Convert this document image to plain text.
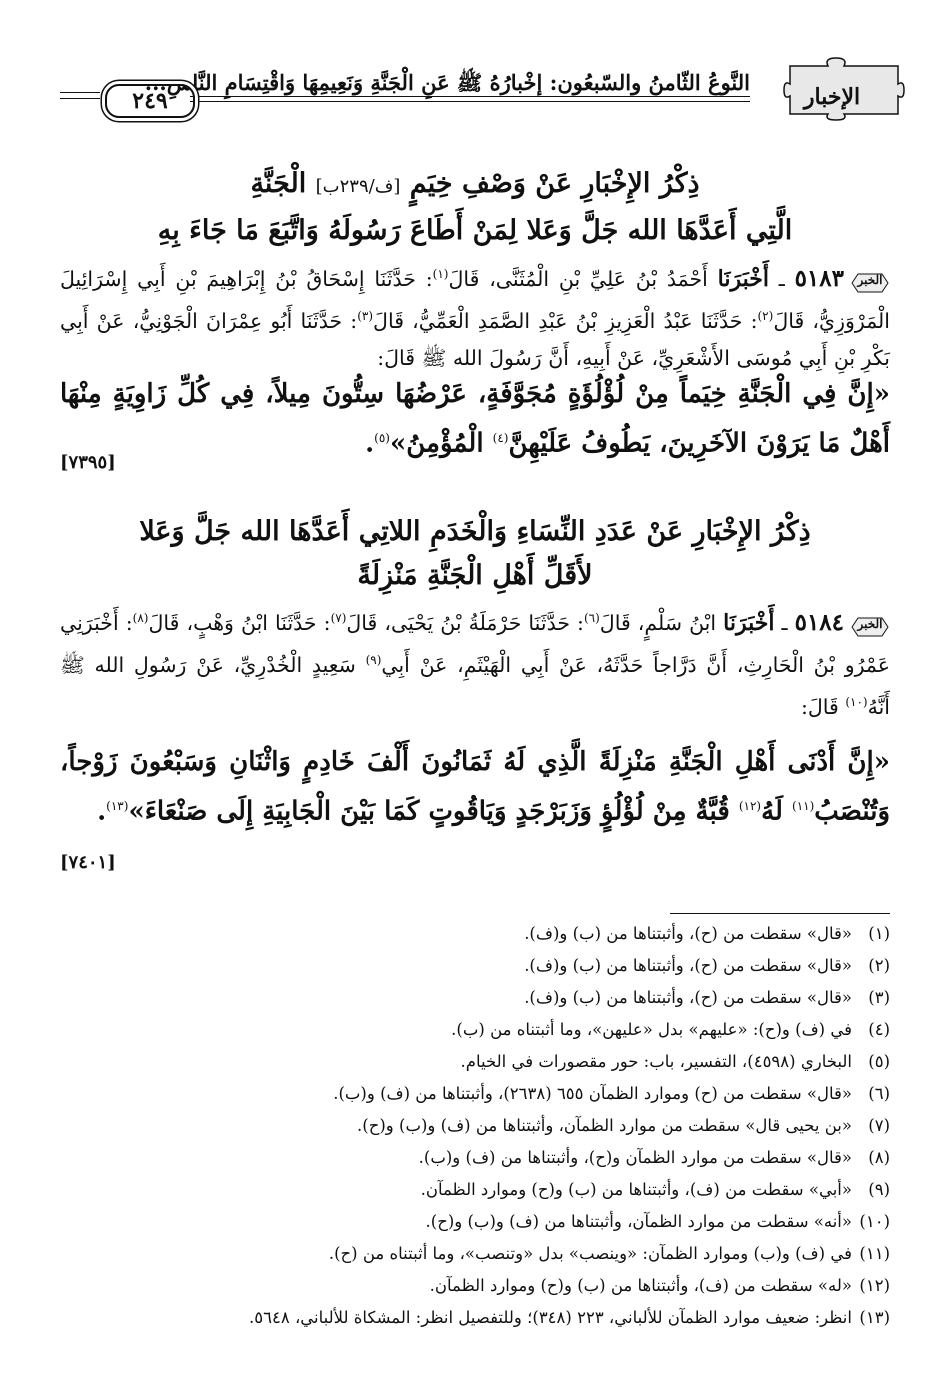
الإخبار
النَّوعُ الثّامنُ والسّبعُون: إخْبارُهُ ﷺ عَنِ الْجَنَّةِ وَنَعِيمِهَا وَاقْتِسَامِ النَّاسِ...
٢٤٩
ذِكْرُ الإِخْبَارِ عَنْ وَصْفِ خِيَمٍ [ف/٢٣٩ب] الْجَنَّةِ
الَّتِي أَعَدَّهَا الله جَلَّ وَعَلا لِمَنْ أَطَاعَ رَسُولَهُ وَاتَّبَعَ مَا جَاءَ بِهِ
الخبر
٥١٨٣ ـ أَخْبَرَنَا أَحْمَدُ بْنُ عَلِيِّ بْنِ الْمُثَنَّى، قَالَ$^{(١)}$: حَدَّثَنَا إِسْحَاقُ بْنُ إِبْرَاهِيمَ بْنِ أَبِي إِسْرَائِيلَ الْمَرْوَزِيُّ، قَالَ$^{(٢)}$: حَدَّثَنَا عَبْدُ الْعَزِيزِ بْنُ عَبْدِ الصَّمَدِ الْعَمِّيُّ، قَالَ$^{(٣)}$: حَدَّثَنَا أَبُو عِمْرَانَ الْجَوْنِيُّ، عَنْ أَبِي بَكْرِ بْنِ أَبِي مُوسَى الأَشْعَرِيِّ، عَنْ أَبِيهِ، أَنَّ رَسُولَ الله ﷺ قَالَ:
«إِنَّ فِي الْجَنَّةِ خِيَماً مِنْ لُؤْلُؤَةٍ مُجَوَّفَةٍ، عَرْضُهَا سِتُّونَ مِيلاً، فِي كُلِّ زَاوِيَةٍ مِنْهَا أَهْلٌ مَا يَرَوْنَ الآخَرِينَ، يَطُوفُ عَلَيْهِنَّ$^{(٤)}$ الْمُؤْمِنُ»$^{(٥)}$.
[٧٣٩٥]
ذِكْرُ الإِخْبَارِ عَنْ عَدَدِ النِّسَاءِ وَالْخَدَمِ اللاتِي أَعَدَّهَا الله جَلَّ وَعَلا
لأَقَلِّ أَهْلِ الْجَنَّةِ مَنْزِلَةً
الخبر
٥١٨٤ ـ أَخْبَرَنَا ابْنُ سَلْمٍ، قَالَ$^{(٦)}$: حَدَّثَنَا حَرْمَلَةُ بْنُ يَحْيَى، قَالَ$^{(٧)}$: حَدَّثَنَا ابْنُ وَهْبٍ، قَالَ$^{(٨)}$: أَخْبَرَنِي عَمْرُو بْنُ الْحَارِثِ، أَنَّ دَرَّاجاً حَدَّثَهُ، عَنْ أَبِي الْهَيْثَمِ، عَنْ أَبِي$^{(٩)}$ سَعِيدٍ الْخُدْرِيِّ، عَنْ رَسُولِ الله ﷺ أَنَّهُ$^{(١٠)}$ قَالَ:
«إِنَّ أَدْنَى أَهْلِ الْجَنَّةِ مَنْزِلَةً الَّذِي لَهُ ثَمَانُونَ أَلْفَ خَادِمٍ وَاثْنَانِ وَسَبْعُونَ زَوْجاً، وَتُنْصَبُ$^{(١١)}$ لَهُ$^{(١٢)}$ قُبَّةٌ مِنْ لُؤْلُؤٍ وَزَبَرْجَدٍ وَيَاقُوتٍ كَمَا بَيْنَ الْجَابِيَةِ إِلَى صَنْعَاءَ»$^{(١٣)}$.
[٧٤٠١]
(١)«قال» سقطت من (ح)، وأثبتناها من (ب) و(ف).
(٢)«قال» سقطت من (ح)، وأثبتناها من (ب) و(ف).
(٣)«قال» سقطت من (ح)، وأثبتناها من (ب) و(ف).
(٤)في (ف) و(ح): «عليهم» بدل «عليهن»، وما أثبتناه من (ب).
(٥)البخاري (٤٥٩٨)، التفسير، باب: حور مقصورات في الخيام.
(٦)«قال» سقطت من (ح) وموارد الظمآن ٦٥٥ (٢٦٣٨)، وأثبتناها من (ف) و(ب).
(٧)«بن يحيى قال» سقطت من موارد الظمآن، وأثبتناها من (ف) و(ب) و(ح).
(٨)«قال» سقطت من موارد الظمآن و(ح)، وأثبتناها من (ف) و(ب).
(٩)«أبي» سقطت من (ف)، وأثبتناها من (ب) و(ح) وموارد الظمآن.
(١٠)«أنه» سقطت من موارد الظمآن، وأثبتناها من (ف) و(ب) و(ح).
(١١)في (ف) و(ب) وموارد الظمآن: «وينصب» بدل «وتنصب»، وما أثبتناه من (ح).
(١٢)«له» سقطت من (ف)، وأثبتناها من (ب) و(ح) وموارد الظمآن.
(١٣)انظر: ضعيف موارد الظمآن للألباني، ٢٢٣ (٣٤٨)؛ وللتفصيل انظر: المشكاة للألباني، ٥٦٤٨.
